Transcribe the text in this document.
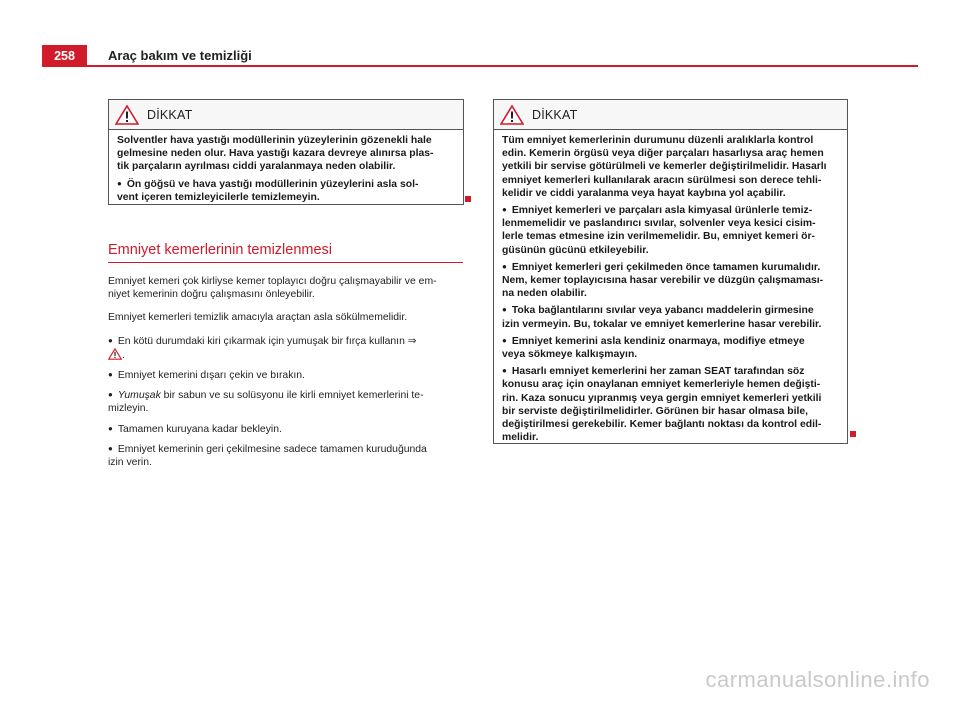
258	Araç bakım ve temizliği
DİKKAT

Solventler hava yastığı modüllerinin yüzeylerinin gözenekli hale
gelmesine neden olur. Hava yastığı kazara devreye alınırsa plas-
tik parçaların ayrılması ciddi yaralanmaya neden olabilir.

● Ön göğsü ve hava yastığı modüllerinin yüzeylerini asla sol-
vent içeren temizleyicilerle temizlemeyin.

Emniyet kemerlerinin temizlenmesi

Emniyet kemeri çok kirliyse kemer toplayıcı doğru çalışmayabilir ve em-
niyet kemerinin doğru çalışmasını önleyebilir.

Emniyet kemerleri temizlik amacıyla araçtan asla sökülmemelidir.

● En kötü durumdaki kiri çıkarmak için yumuşak bir fırça kullanın ⇒
.

● Emniyet kemerini dışarı çekin ve bırakın.

● Yumuşak bir sabun ve su solüsyonu ile kirli emniyet kemerlerini te-
mizleyin.

● Tamamen kuruyana kadar bekleyin.

● Emniyet kemerinin geri çekilmesine sadece tamamen kuruduğunda
izin verin.

DİKKAT

Tüm emniyet kemerlerinin durumunu düzenli aralıklarla kontrol
edin. Kemerin örgüsü veya diğer parçaları hasarlıysa araç hemen
yetkili bir servise götürülmeli ve kemerler değiştirilmelidir. Hasarlı
emniyet kemerleri kullanılarak aracın sürülmesi son derece tehli-
kelidir ve ciddi yaralanma veya hayat kaybına yol açabilir.

● Emniyet kemerleri ve parçaları asla kimyasal ürünlerle temiz-
lenmemelidir ve paslandırıcı sıvılar, solvenler veya kesici cisim-
lerle temas etmesine izin verilmemelidir. Bu, emniyet kemeri ör-
güsünün gücünü etkileyebilir.

● Emniyet kemerleri geri çekilmeden önce tamamen kurumalıdır.
Nem, kemer toplayıcısına hasar verebilir ve düzgün çalışmaması-
na neden olabilir.

● Toka bağlantılarını sıvılar veya yabancı maddelerin girmesine
izin vermeyin. Bu, tokalar ve emniyet kemerlerine hasar verebilir.

● Emniyet kemerini asla kendiniz onarmaya, modifiye etmeye
veya sökmeye kalkışmayın.

● Hasarlı emniyet kemerlerini her zaman SEAT tarafından söz
konusu araç için onaylanan emniyet kemerleriyle hemen değişti-
rin. Kaza sonucu yıpranmış veya gergin emniyet kemerleri yetkili
bir serviste değiştirilmelidirler. Görünen bir hasar olmasa bile,
değiştirilmesi gerekebilir. Kemer bağlantı noktası da kontrol edil-
melidir.

carmanualsonline.info
